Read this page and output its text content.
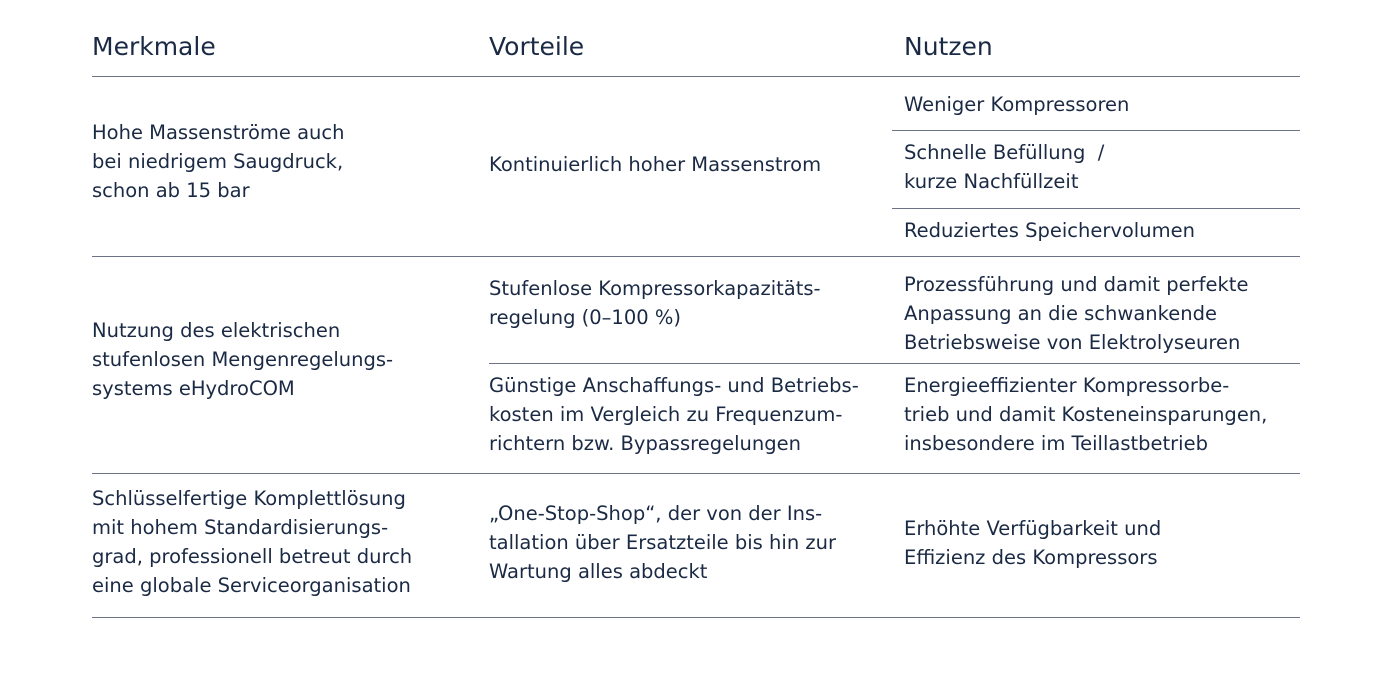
Merkmale	Vorteile	Nutzen
Hohe Massenströme auch
bei niedrigem Saugdruck,
schon ab 15 bar
Kontinuierlich hoher Massenstrom
Weniger Kompressoren
Schnelle Befüllung  /
kurze Nachfüllzeit
Reduziertes Speichervolumen
Nutzung des elektrischen
stufenlosen Mengenregelungs-
systems eHydroCOM
Stufenlose Kompressorkapazitäts-
regelung (0–100 %)
Prozessführung und damit perfekte
Anpassung an die schwankende
Betriebsweise von Elektrolyseuren
Günstige Anschaffungs- und Betriebs-
kosten im Vergleich zu Frequenzum-
richtern bzw. Bypassregelungen
Energieeffizienter Kompressorbe-
trieb und damit Kosteneinsparungen,
insbesondere im Teillastbetrieb
Schlüsselfertige Komplettlösung
mit hohem Standardisierungs-
grad, professionell betreut durch
eine globale Serviceorganisation
„One-Stop-Shop“, der von der Ins-
tallation über Ersatzteile bis hin zur
Wartung alles abdeckt
Erhöhte Verfügbarkeit und
Effizienz des Kompressors
